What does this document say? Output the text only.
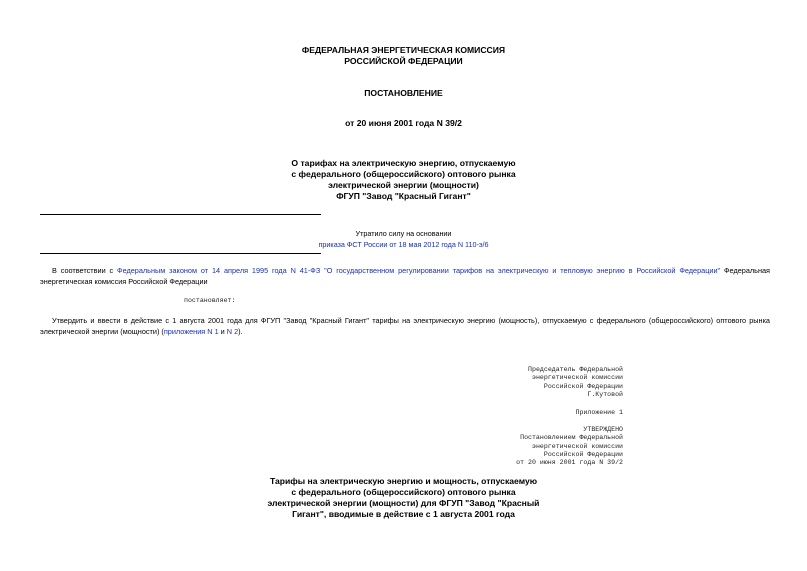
ФЕДЕРАЛЬНАЯ ЭНЕРГЕТИЧЕСКАЯ КОМИССИЯ
РОССИЙСКОЙ ФЕДЕРАЦИИ
ПОСТАНОВЛЕНИЕ
от 20 июня 2001 года N 39/2
О тарифах на электрическую энергию, отпускаемую
с федерального (общероссийского) оптового рынка
электрической энергии (мощности)
ФГУП "Завод "Красный Гигант"
Утратило силу на основании
приказа ФСТ России от 18 мая 2012 года N 110-э/6
В соответствии с Федеральным законом от 14 апреля 1995 года N 41-ФЗ "О государственном регулировании тарифов на электрическую и тепловую энергию в Российской Федерации" Федеральная энергетическая комиссия Российской Федерации
постановляет:
Утвердить и ввести в действие с 1 августа 2001 года для ФГУП "Завод "Красный Гигант" тарифы на электрическую энергию (мощность), отпускаемую с федерального (общероссийского) оптового рынка электрической энергии (мощности) (приложения N 1 и N 2).
Председатель Федеральной
энергетической комиссии
Российской Федерации
Г.Кутовой
Приложение 1
УТВЕРЖДЕНО
Постановлением Федеральной
энергетической комиссии
Российской Федерации
от 20 июня 2001 года N 39/2
Тарифы на электрическую энергию и мощность, отпускаемую
с федерального (общероссийского) оптового рынка
электрической энергии (мощности) для ФГУП "Завод "Красный
Гигант", вводимые в действие с 1 августа 2001 года
